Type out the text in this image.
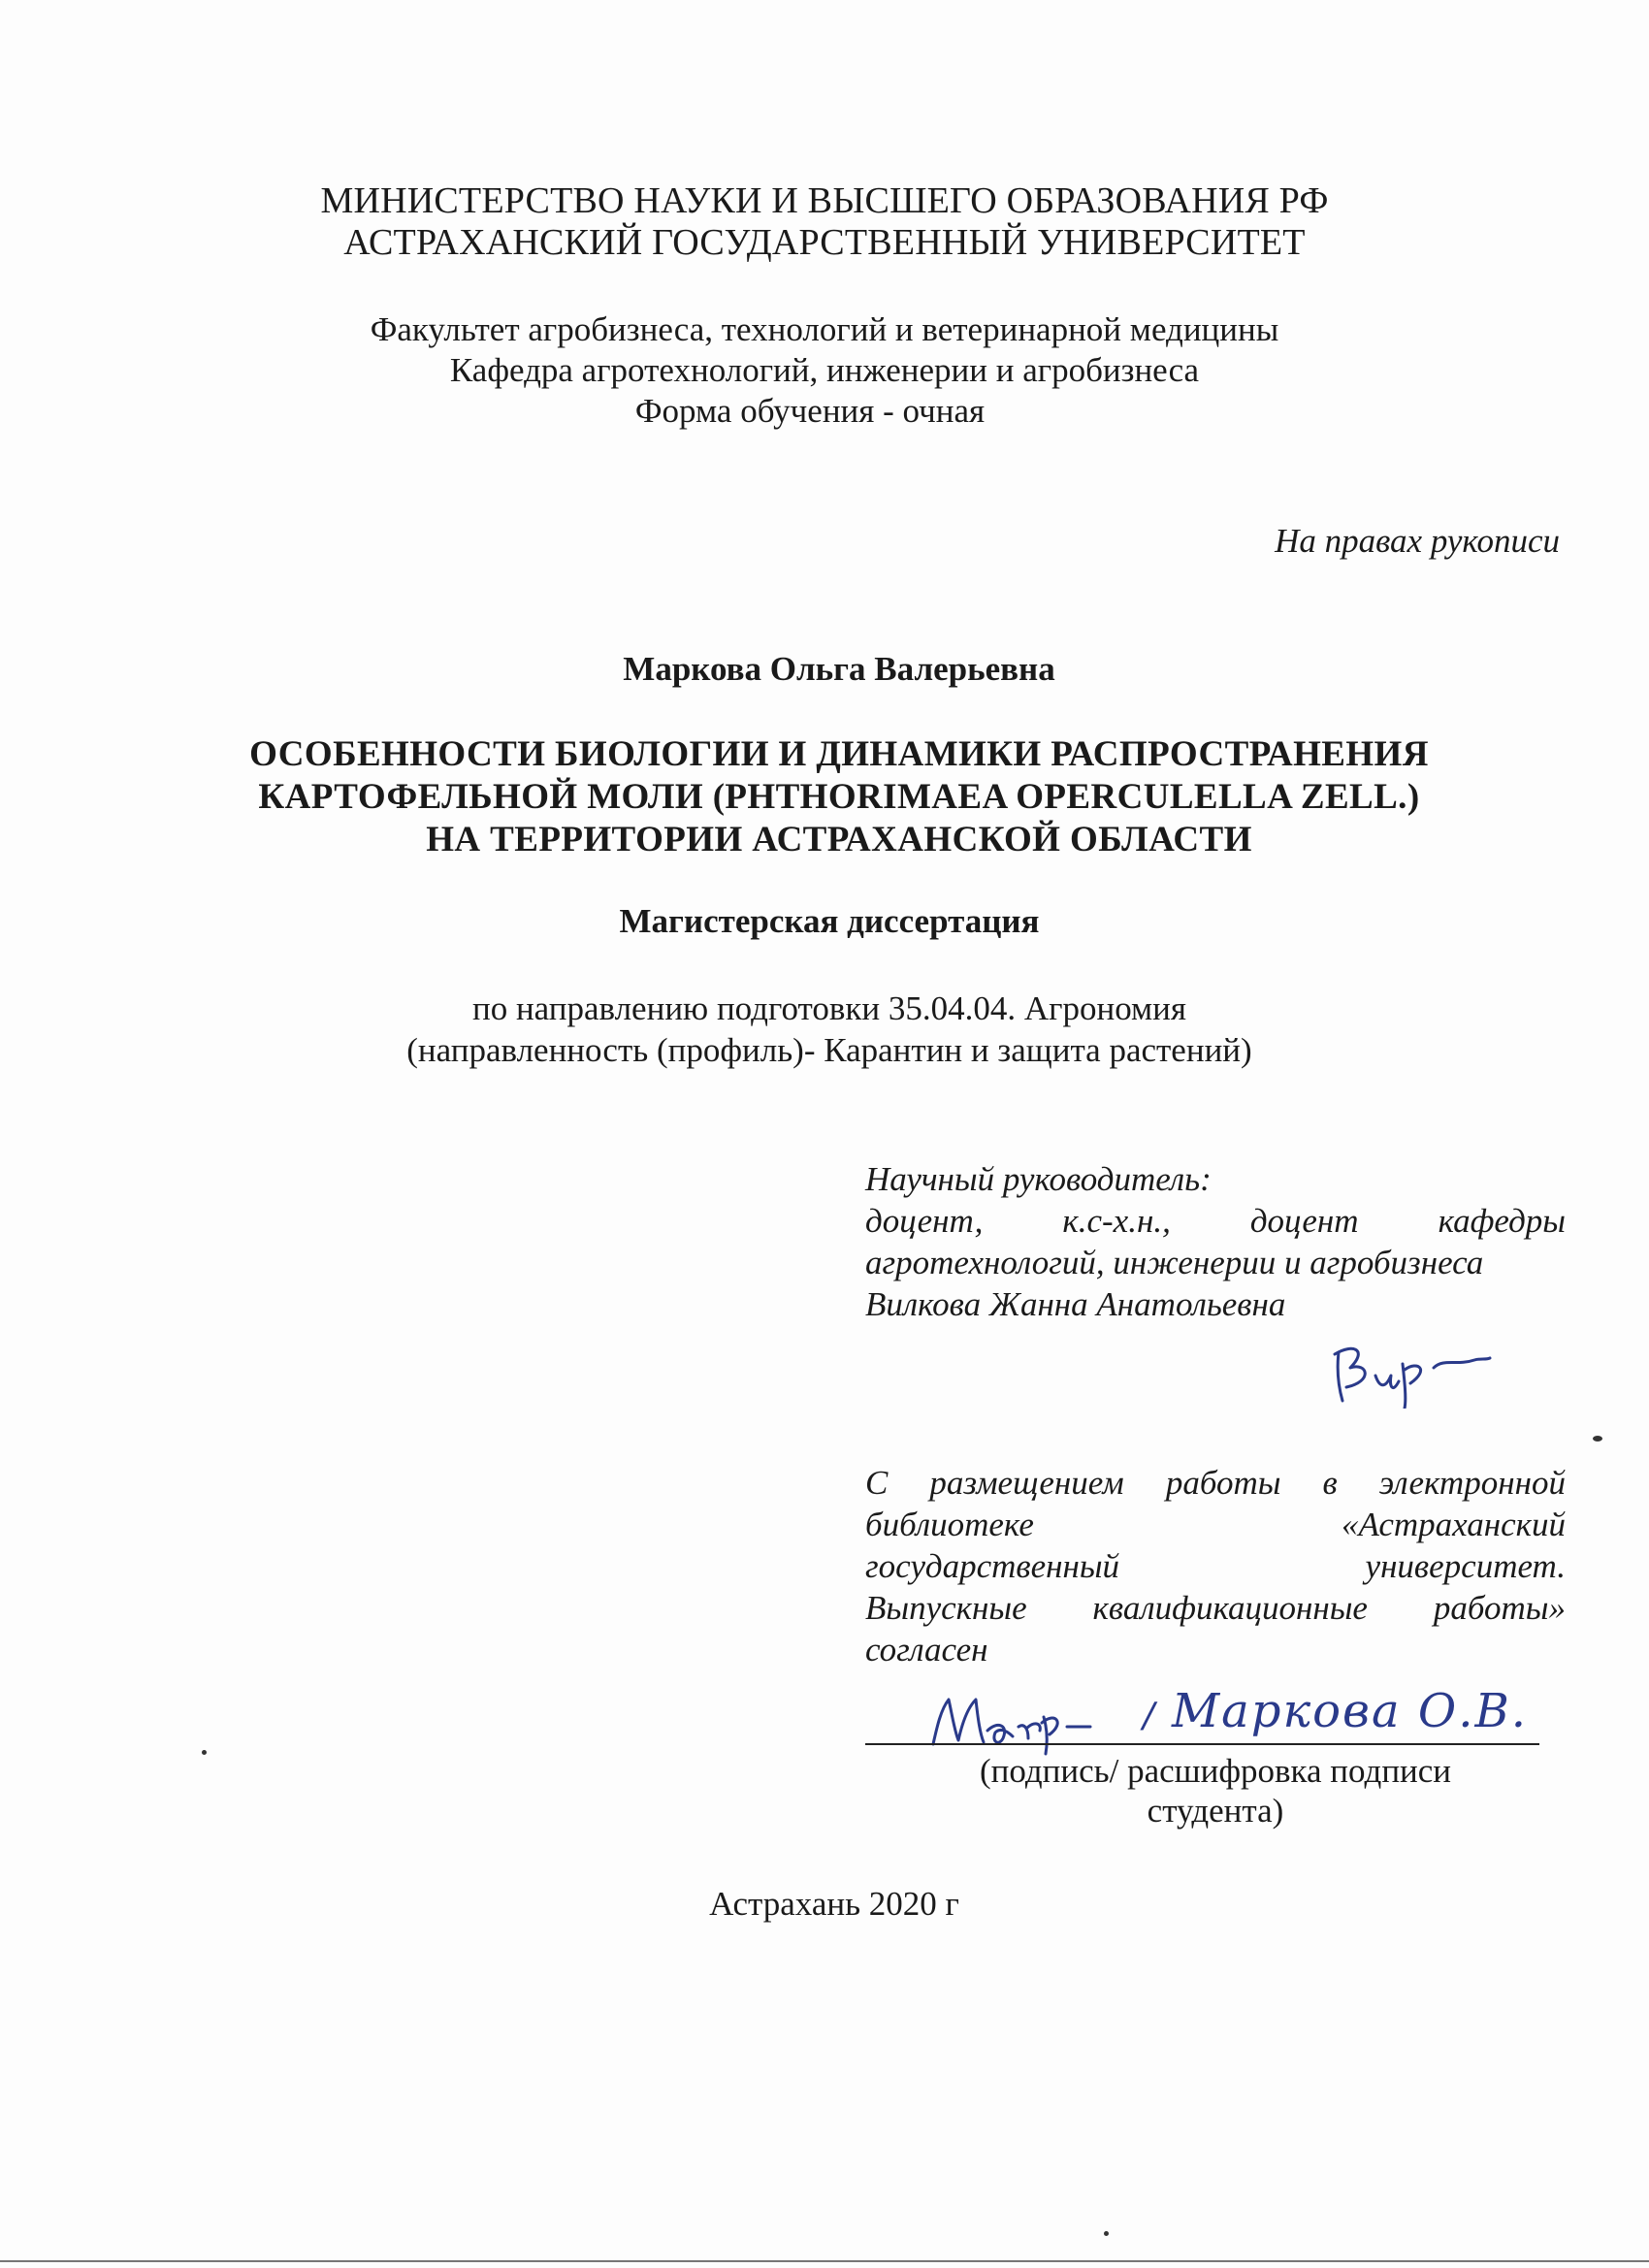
МИНИСТЕРСТВО НАУКИ И ВЫСШЕГО ОБРАЗОВАНИЯ РФ
АСТРАХАНСКИЙ ГОСУДАРСТВЕННЫЙ УНИВЕРСИТЕТ
Факультет агробизнеса, технологий и ветеринарной медицины
Кафедра агротехнологий, инженерии и агробизнеса
Форма обучения - очная
На правах рукописи
Маркова Ольга Валерьевна
ОСОБЕННОСТИ БИОЛОГИИ И ДИНАМИКИ РАСПРОСТРАНЕНИЯ
КАРТОФЕЛЬНОЙ МОЛИ (PHTHORIMAEA OPERCULELLA ZELL.)
НА ТЕРРИТОРИИ АСТРАХАНСКОЙ ОБЛАСТИ
Магистерская диссертация
по направлению подготовки 35.04.04. Агрономия
(направленность (профиль)- Карантин и защита растений)
Научный руководитель:
доцент, к.с-х.н., доцент кафедры
агротехнологий, инженерии и агробизнеса
Вилкова Жанна Анатольевна
С размещением работы в электронной
библиотеке	«Астраханский
государственный	университет.
Выпускные квалификационные работы»
согласен
/ Маркова О.В.
(подпись/ расшифровка подписи
студента)
Астрахань 2020 г
